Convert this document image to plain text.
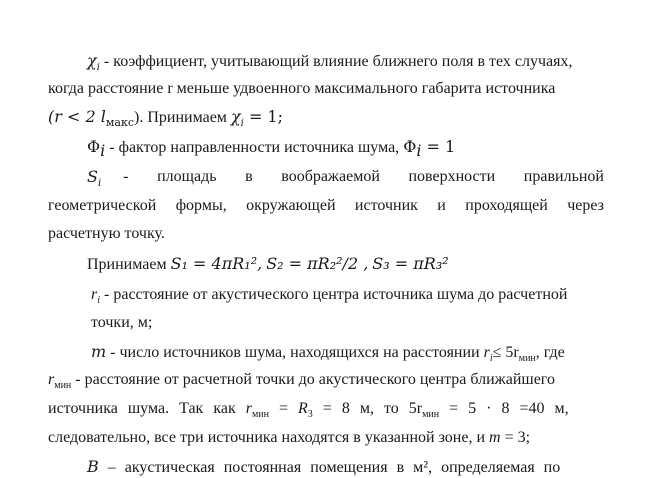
$\chi_i$ - коэффициент, учитывающий влияние ближнего поля в тех случаях,
когда расстояние r меньше удвоенного максимального габарита источника
(r < 2 $l_{макс}$). Принимаем $\chi_i = 1$;
$\Phi_i$ - фактор направленности источника шума, $\Phi_i = 1$
$S_i$ - площадь в воображаемой поверхности правильной
геометрической формы, окружающей источник и проходящей через
расчетную точку.
Принимаем S₁ = 4πR₁², S₂ = πR₂²/2 , S₃ = πR₃²
$r_i$ - расстояние от акустического центра источника шума до расчетной
точки, м;
m - число источников шума, находящихся на расстоянии $r_i\le 5r_{мин}$, где
$r_{мин}$ - расстояние от расчетной точки до акустического центра ближайшего
источника шума. Так как $r_{мин} = R_3 = 8$ м, то $5r_{мин} = 5 \cdot 8 =40$ м,
следовательно, все три источника находятся в указанной зоне, и m = 3;
B – акустическая постоянная помещения в м², определяемая по
